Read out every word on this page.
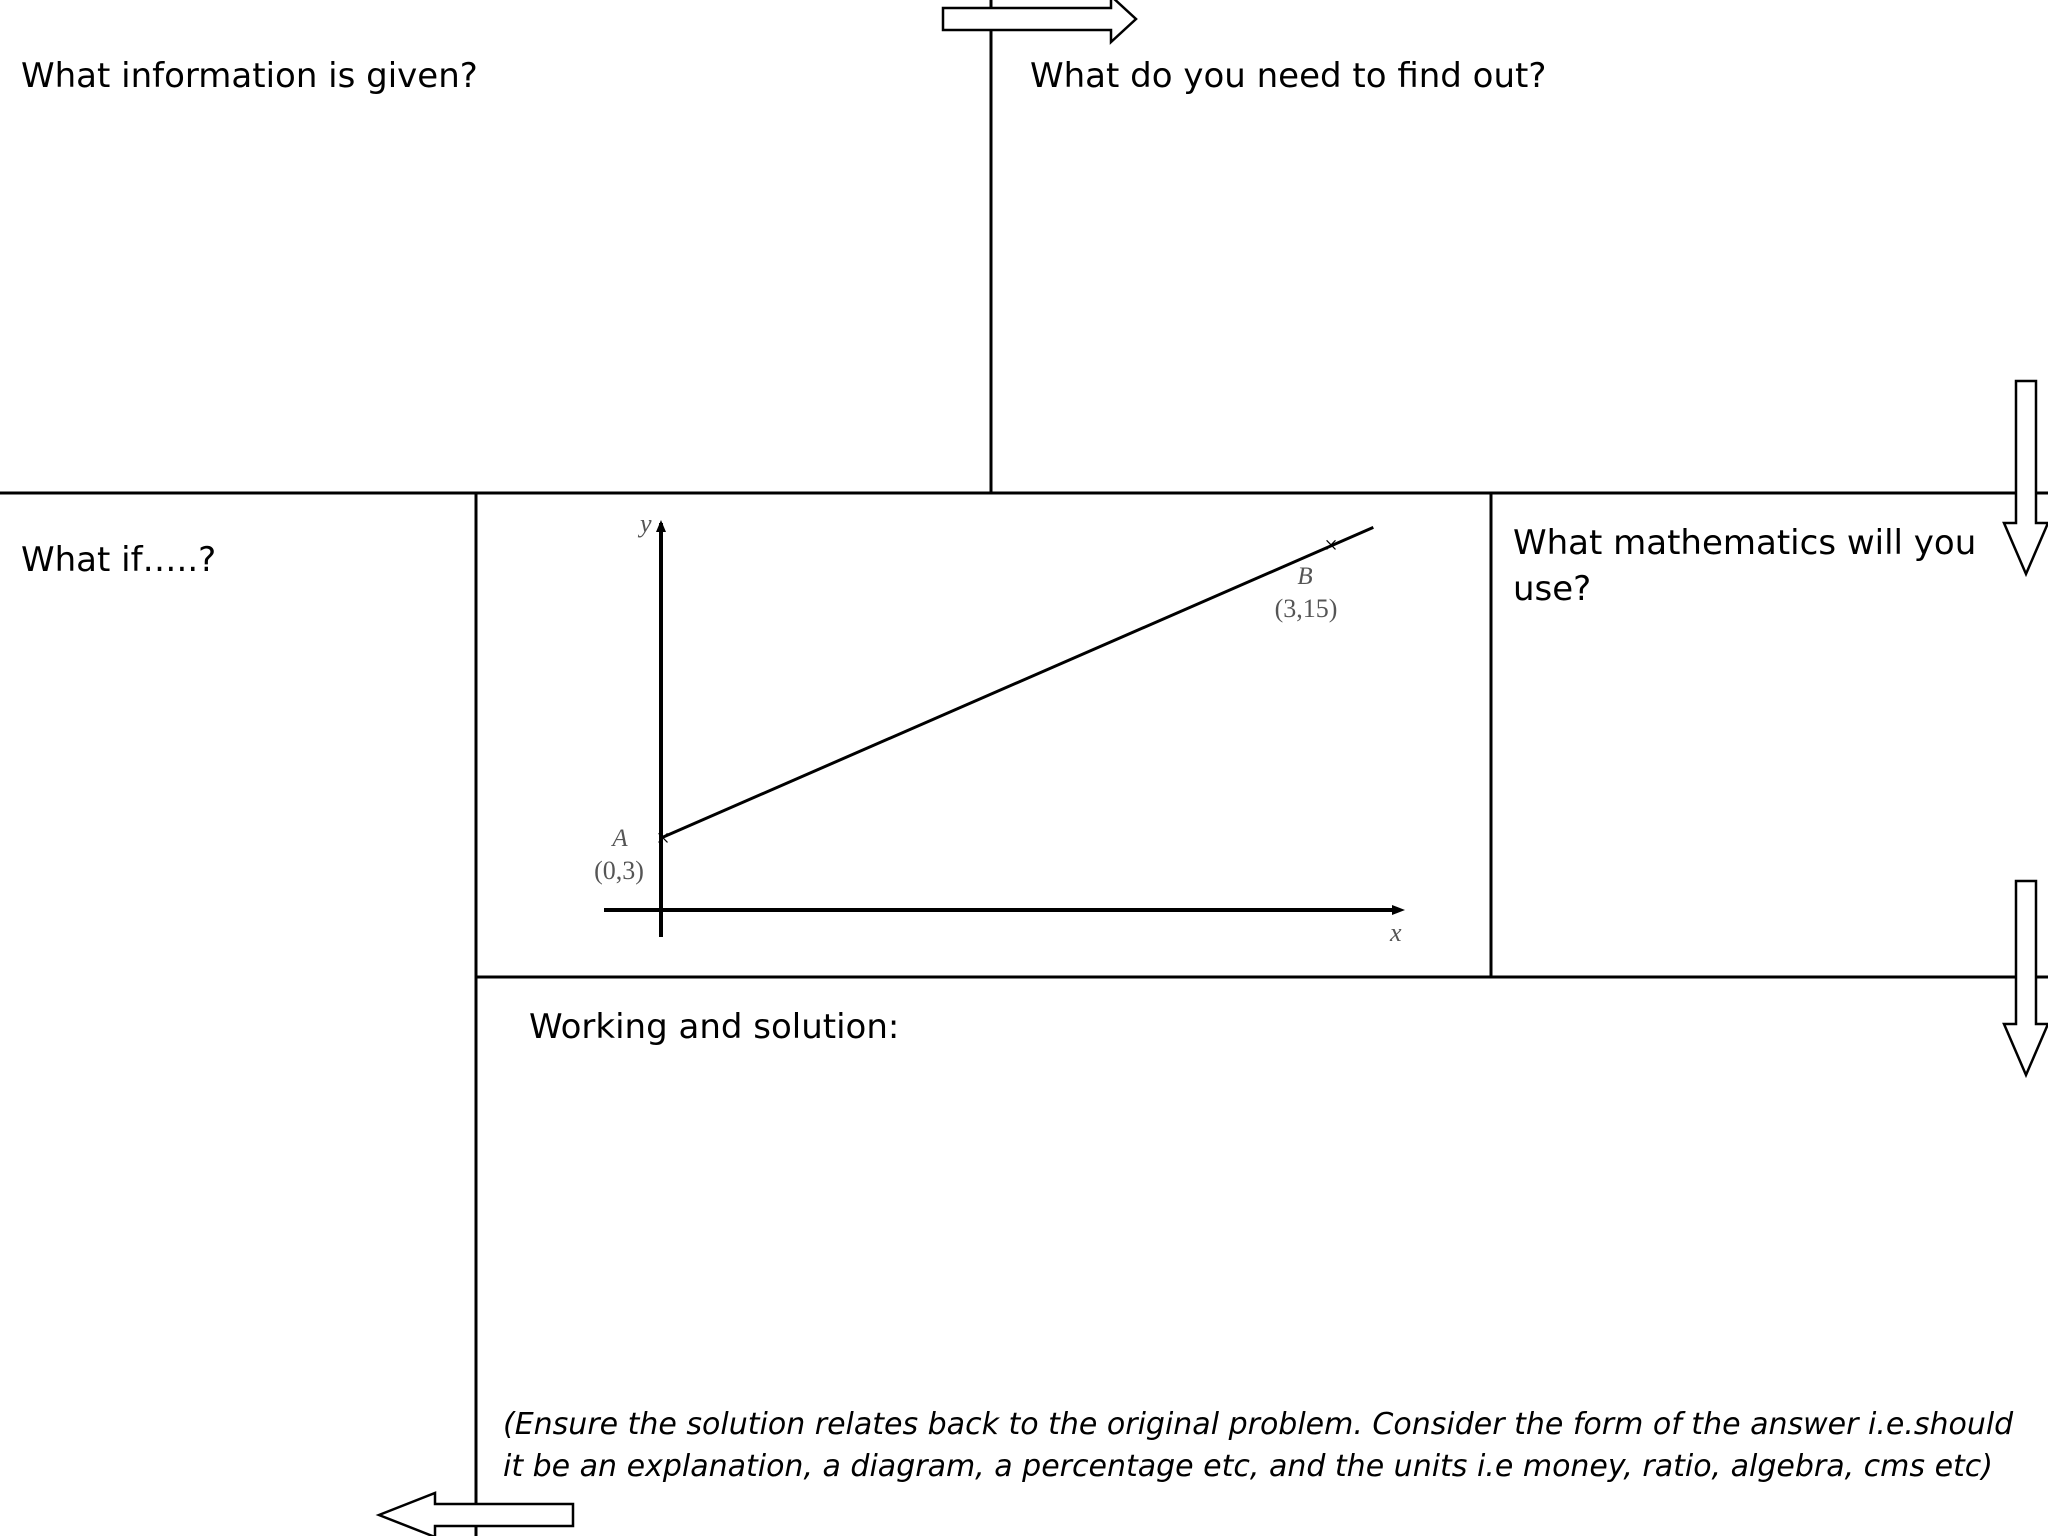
y
x
×
×
A
(0,3)
B
(3,15)

What information is given?	What do you need to find out?

What if…..?	What mathematics will you use?

Working and solution:

(Ensure the solution relates back to the original problem. Consider the form of the answer i.e.should it be an explanation, a diagram, a percentage etc, and the units i.e money, ratio, algebra, cms etc)
